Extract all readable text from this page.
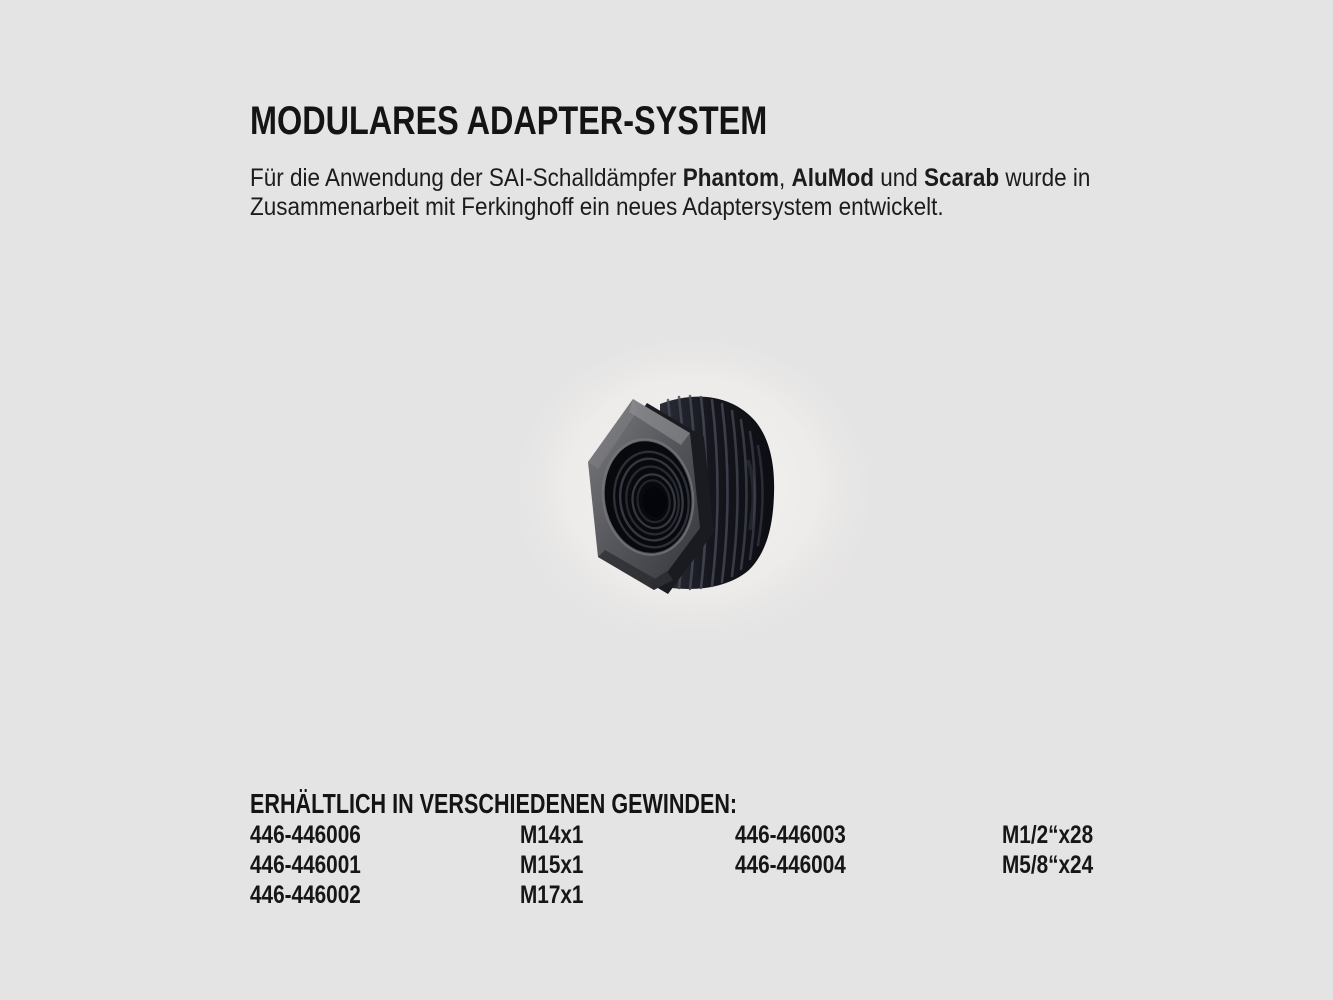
MODULARES ADAPTER-SYSTEM

Für die Anwendung der SAI-Schalldämpfer Phantom, AluMod und Scarab wurde in Zusammenarbeit mit Ferkinghoff ein neues Adaptersystem entwickelt.

ERHÄLTLICH IN VERSCHIEDENEN GEWINDEN:
446-446006	M14x1	446-446003	M1/2“x28
446-446001	M15x1	446-446004	M5/8“x24
446-446002	M17x1
